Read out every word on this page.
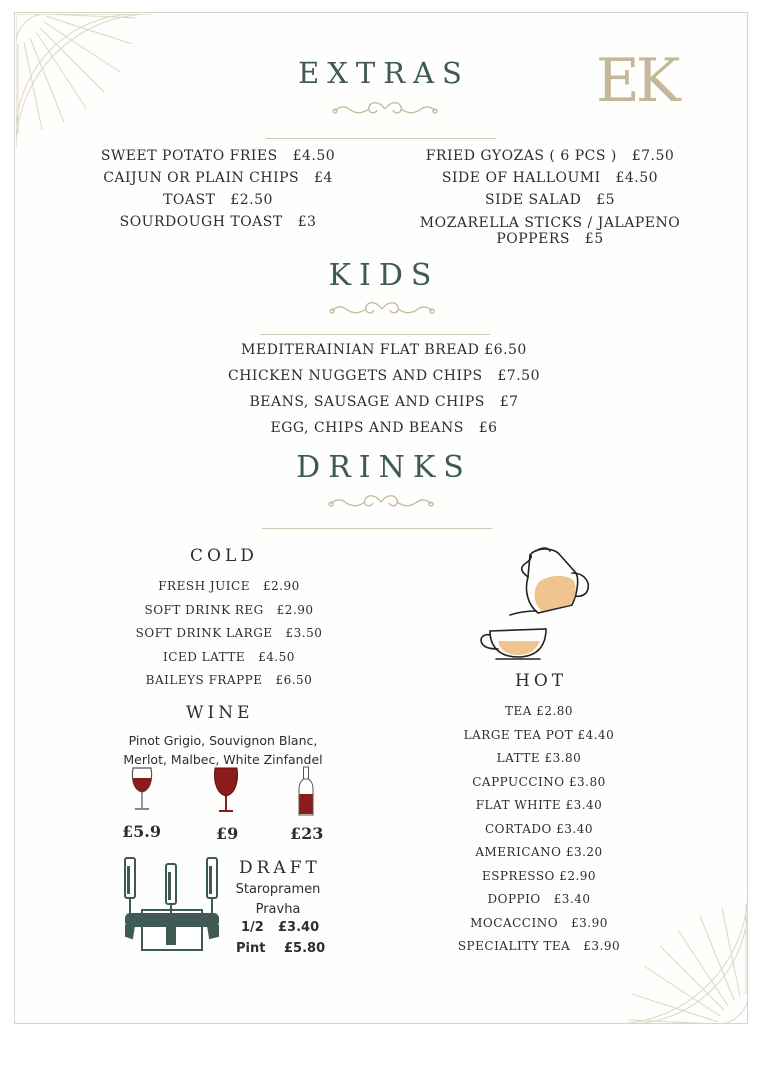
EK
EXTRAS
SWEET POTATO FRIES   £4.50
CAIJUN OR PLAIN CHIPS   £4
TOAST   £2.50
SOURDOUGH TOAST   £3
FRIED GYOZAS ( 6 PCS )   £7.50
SIDE OF HALLOUMI   £4.50
SIDE SALAD   £5
MOZARELLA STICKS / JALAPENO
POPPERS   £5
KIDS
MEDITERAINIAN FLAT BREAD £6.50
CHICKEN NUGGETS AND CHIPS   £7.50
BEANS, SAUSAGE AND CHIPS   £7
EGG, CHIPS AND BEANS   £6
DRINKS
COLD
FRESH JUICE   £2.90
SOFT DRINK REG   £2.90
SOFT DRINK LARGE   £3.50
ICED LATTE   £4.50
BAILEYS FRAPPE   £6.50
WINE
Pinot Grigio, Souvignon Blanc,
Merlot, Malbec, White Zinfandel
£5.9	£9	£23
DRAFT
Staropramen
Pravha
1/2 £3.40
Pint £5.80
HOT
TEA £2.80
LARGE TEA POT £4.40
LATTE £3.80
CAPPUCCINO £3.80
FLAT WHITE £3.40
CORTADO £3.40
AMERICANO £3.20
ESPRESSO £2.90
DOPPIO   £3.40
MOCACCINO   £3.90
SPECIALITY TEA   £3.90
